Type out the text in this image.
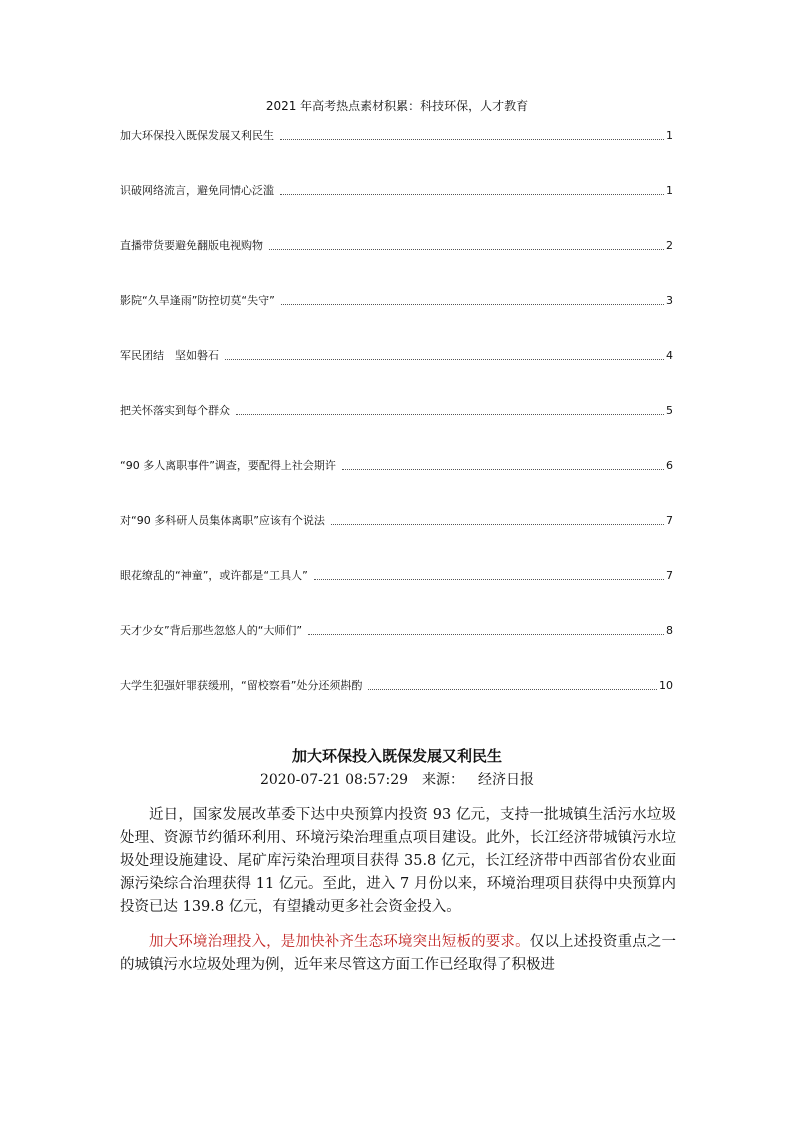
2021 年高考热点素材积累：科技环保，人才教育
加大环保投入既保发展又利民生	1
识破网络流言，避免同情心泛滥	1
直播带货要避免翻版电视购物	2
影院“久旱逢雨”防控切莫“失守”	3
军民团结　坚如磐石	4
把关怀落实到每个群众	5
“90 多人离职事件”调查，要配得上社会期许	6
对“90 多科研人员集体离职”应该有个说法	7
眼花缭乱的“神童”，或许都是“工具人”	7
天才少女”背后那些忽悠人的“大师们”	8
大学生犯强奸罪获缓刑，“留校察看”处分还须斟酌	10
加大环保投入既保发展又利民生
2020-07-21 08:57:29 来源： 经济日报

近日，国家发展改革委下达中央预算内投资 93 亿元，支持一批城镇生活污水垃圾处理、资源节约循环利用、环境污染治理重点项目建设。此外，长江经济带城镇污水垃圾处理设施建设、尾矿库污染治理项目获得 35.8 亿元，长江经济带中西部省份农业面源污染综合治理获得 11 亿元。至此，进入 7 月份以来，环境治理项目获得中央预算内投资已达 139.8 亿元，有望撬动更多社会资金投入。

加大环境治理投入，是加快补齐生态环境突出短板的要求。仅以上述投资重点之一的城镇污水垃圾处理为例，近年来尽管这方面工作已经取得了积极进
